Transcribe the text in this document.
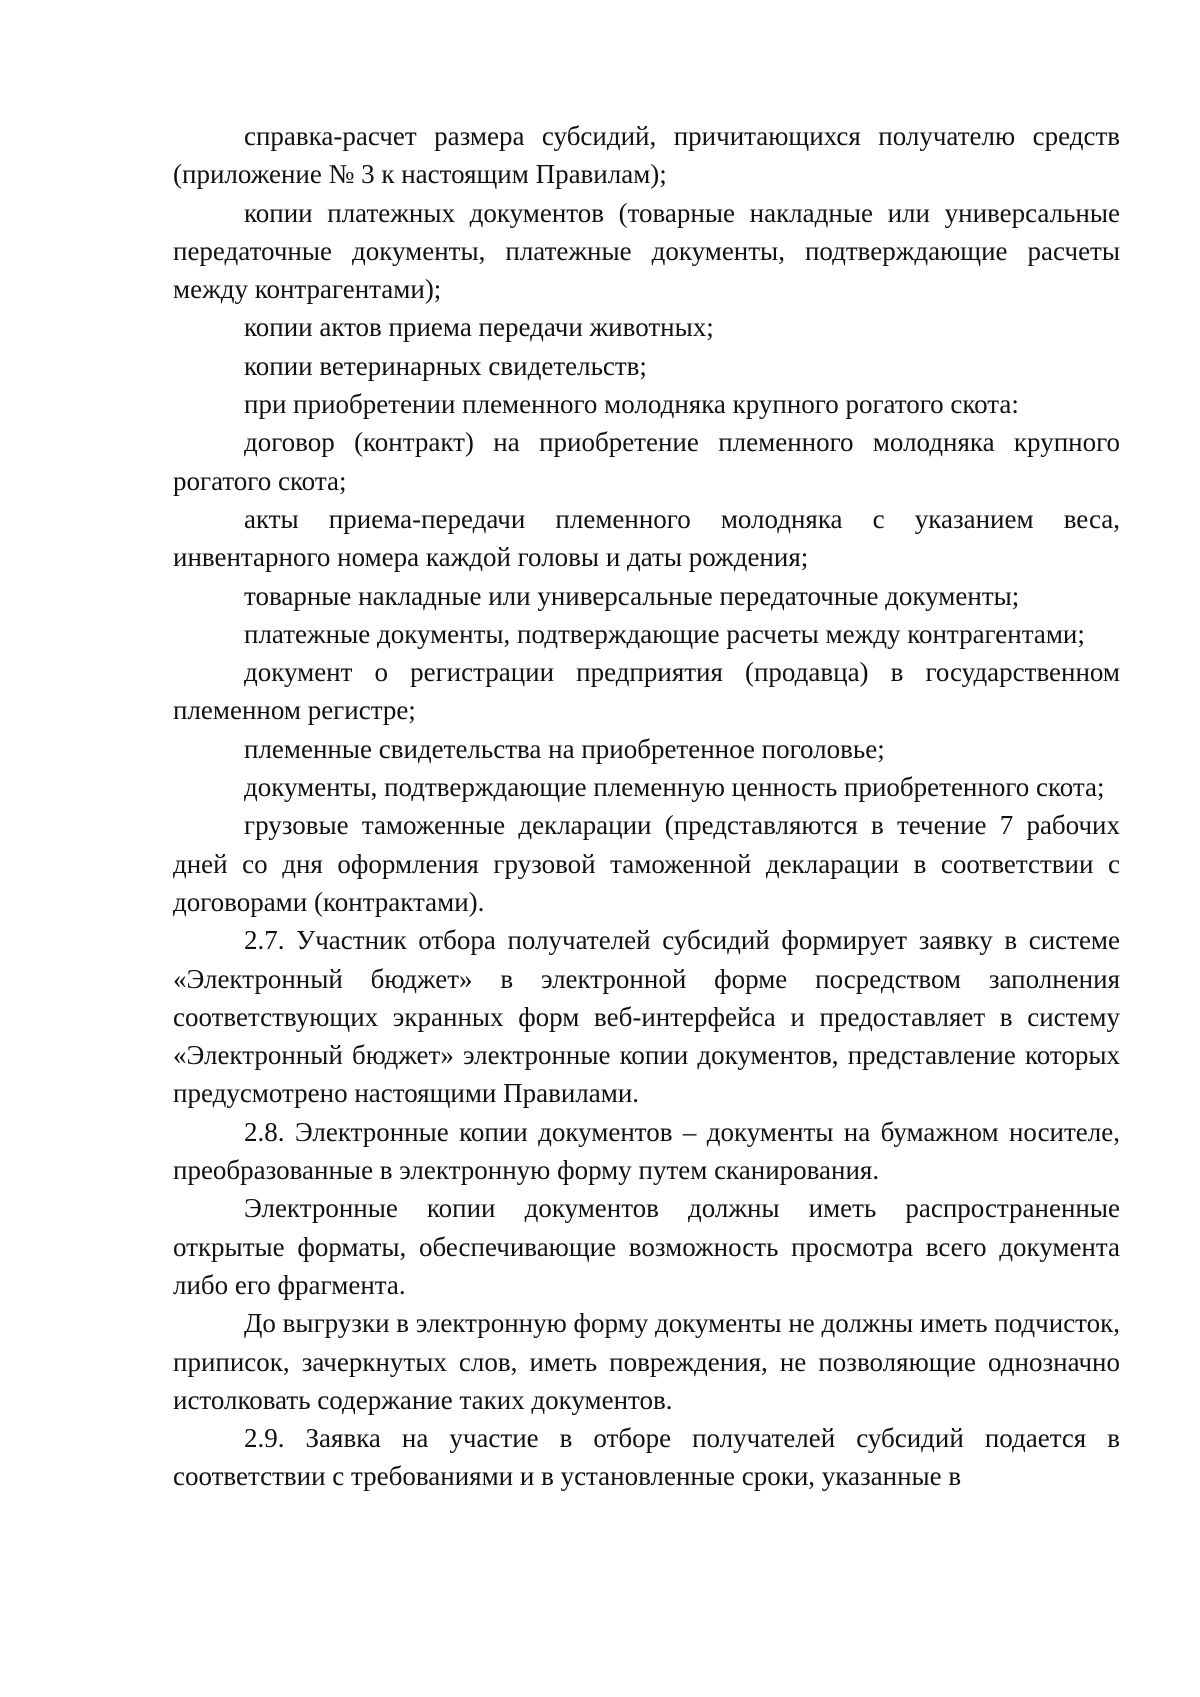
справка-расчет размера субсидий, причитающихся получателю средств (приложение № 3 к настоящим Правилам);

копии платежных документов (товарные накладные или универсальные передаточные документы, платежные документы, подтверждающие расчеты между контрагентами);

копии актов приема передачи животных;

копии ветеринарных свидетельств;

при приобретении племенного молодняка крупного рогатого скота:

договор (контракт) на приобретение племенного молодняка крупного рогатого скота;

акты приема-передачи племенного молодняка с указанием веса, инвентарного номера каждой головы и даты рождения;

товарные накладные или универсальные передаточные документы;

платежные документы, подтверждающие расчеты между контрагентами;

документ о регистрации предприятия (продавца) в государственном племенном регистре;

племенные свидетельства на приобретенное поголовье;

документы, подтверждающие племенную ценность приобретенного скота;

грузовые таможенные декларации (представляются в течение 7 рабочих дней со дня оформления грузовой таможенной декларации в соответствии с договорами (контрактами).

2.7. Участник отбора получателей субсидий формирует заявку в системе «Электронный бюджет» в электронной форме посредством заполнения соответствующих экранных форм веб-интерфейса и предоставляет в систему «Электронный бюджет» электронные копии документов, представление которых предусмотрено настоящими Правилами.

2.8. Электронные копии документов – документы на бумажном носителе, преобразованные в электронную форму путем сканирования.

Электронные копии документов должны иметь распространенные открытые форматы, обеспечивающие возможность просмотра всего документа либо его фрагмента.

До выгрузки в электронную форму документы не должны иметь подчисток, приписок, зачеркнутых слов, иметь повреждения, не позволяющие однозначно истолковать содержание таких документов.

2.9. Заявка на участие в отборе получателей субсидий подается в соответствии с требованиями и в установленные сроки, указанные в
